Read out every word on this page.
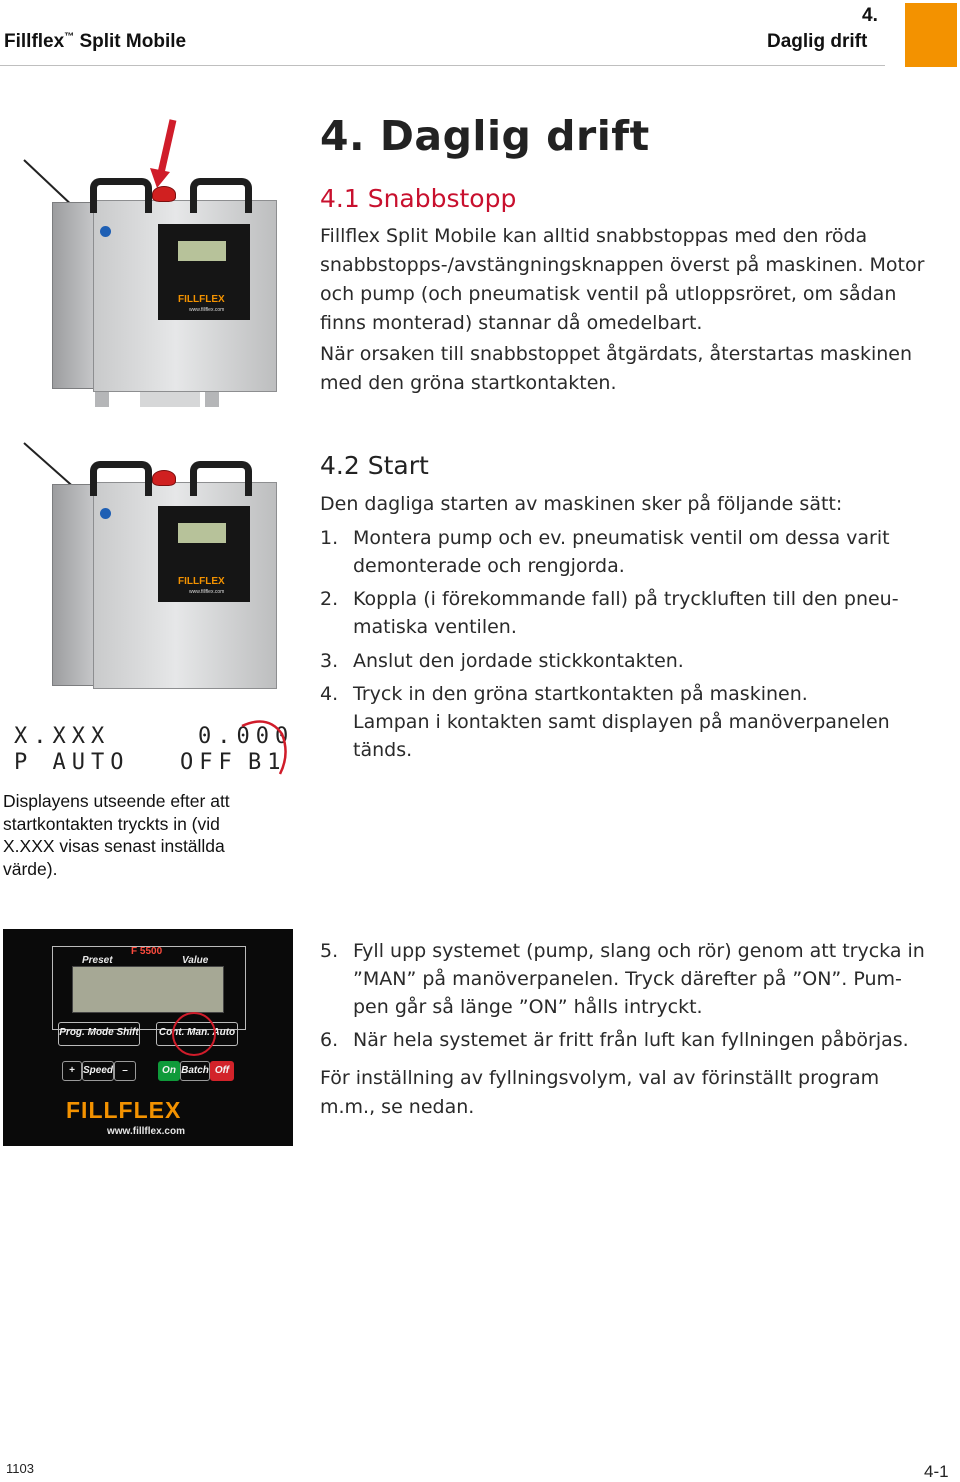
Fillflex™ Split Mobile
4.
Daglig drift
4. Daglig drift
4.1 Snabbstopp

Fillflex Split Mobile kan alltid snabbstoppas med den röda

snabbstopps-/avstängningsknappen överst på maskinen. Motor

och pump (och pneumatisk ventil på utloppsröret, om sådan

finns monterad) stannar då omedelbart.

När orsaken till snabbstoppet åtgärdats, återstartas maskinen

med den gröna startkontakten.

FILLFLEX
www.fillflex.com
FILLFLEX
www.fillflex.com
X.XXX	0.000
P AUTO OFF B1

Displayens utseende efter att
startkontakten tryckts in (vid
X.XXX visas senast inställda
värde).

4.2 Start

Den dagliga starten av maskinen sker på följande sätt:

1. Montera pump och ev. pneumatisk ventil om dessa varit
demonterade och rengjorda.
2. Koppla (i förekommande fall) på tryckluften till den pneu-
matiska ventilen.
3. Anslut den jordade stickkontakten.
4. Tryck in den gröna startkontakten på maskinen.
Lampan i kontakten samt displayen på manöverpanelen
tänds.
F 5500
Preset	Value
Prog. Mode Shift Cont. Man. Auto
+ Speed –	On Batch Off
FILLFLEX
www.fillflex.com
5. Fyll upp systemet (pump, slang och rör) genom att trycka in
”MAN” på manöverpanelen. Tryck därefter på ”ON”. Pum-
pen går så länge ”ON” hålls intryckt.
6. När hela systemet är fritt från luft kan fyllningen påbörjas.

För inställning av fyllningsvolym, val av förinställt program

m.m., se nedan.

1103	4-1
